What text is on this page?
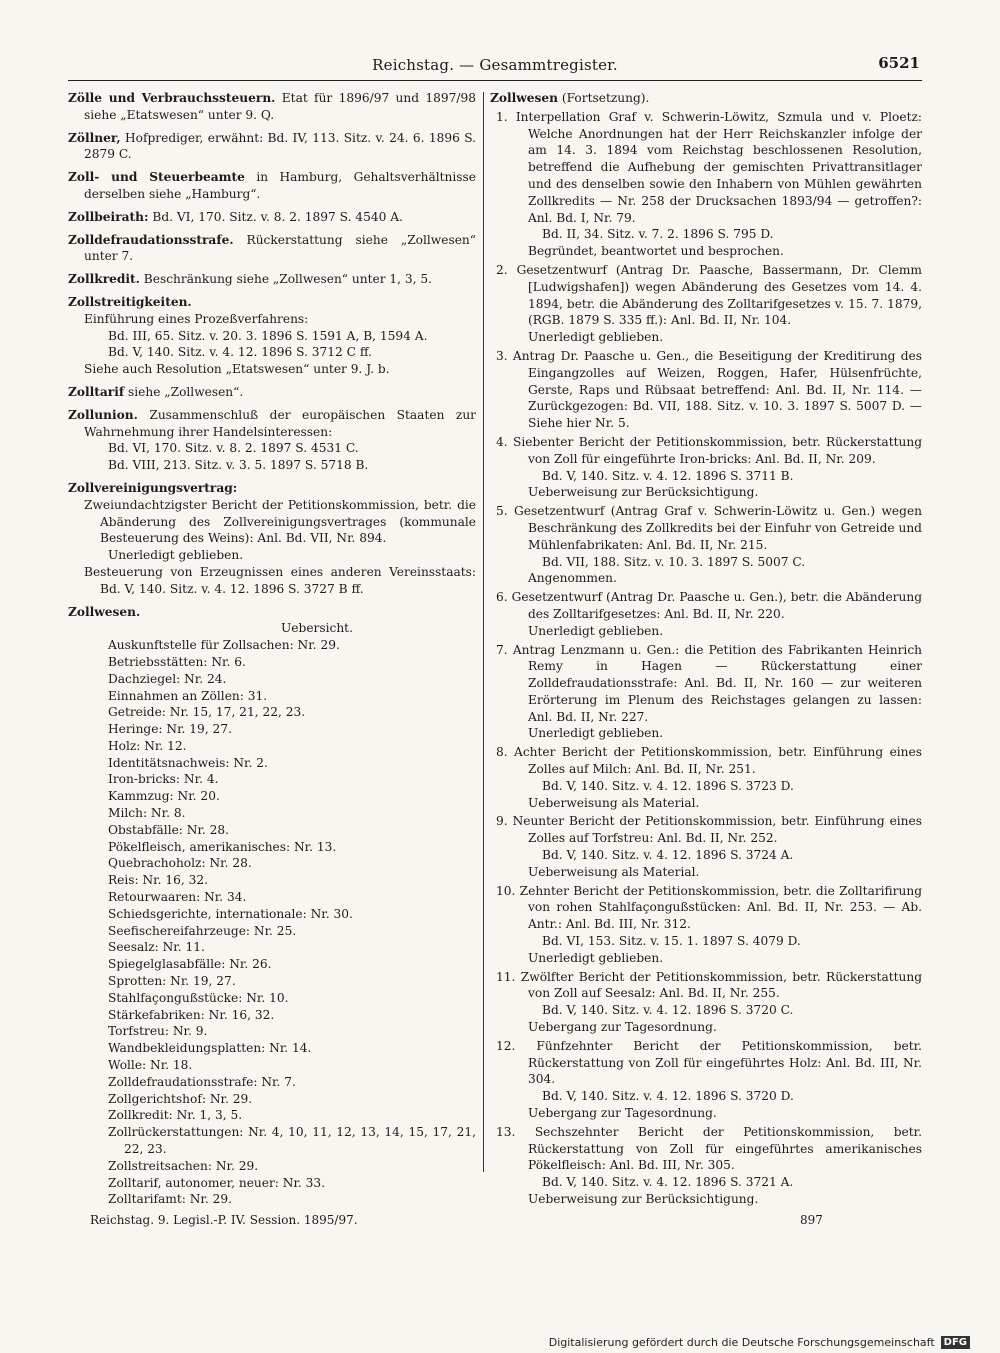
Reichstag. — Gesammtregister.	6521
Zölle und Verbrauchssteuern. Etat für 1896/97 und 1897/98 siehe „Etatswesen“ unter 9. Q.
Zöllner, Hofprediger, erwähnt: Bd. IV, 113. Sitz. v. 24. 6. 1896 S. 2879 C.
Zoll- und Steuerbeamte in Hamburg, Gehaltsverhältnisse derselben siehe „Hamburg“.
Zollbeirath: Bd. VI, 170. Sitz. v. 8. 2. 1897 S. 4540 A.
Zolldefraudationsstrafe. Rückerstattung siehe „Zollwesen“ unter 7.
Zollkredit. Beschränkung siehe „Zollwesen“ unter 1, 3, 5.
Zollstreitigkeiten.
Einführung eines Prozeßverfahrens:
Bd. III, 65. Sitz. v. 20. 3. 1896 S. 1591 A, B, 1594 A.
Bd. V, 140. Sitz. v. 4. 12. 1896 S. 3712 C ff.
Siehe auch Resolution „Etatswesen“ unter 9. J. b.
Zolltarif siehe „Zollwesen“.
Zollunion. Zusammenschluß der europäischen Staaten zur Wahrnehmung ihrer Handelsinteressen:
Bd. VI, 170. Sitz. v. 8. 2. 1897 S. 4531 C.
Bd. VIII, 213. Sitz. v. 3. 5. 1897 S. 5718 B.
Zollvereinigungsvertrag:
Zweiundachtzigster Bericht der Petitionskommission, betr. die Abänderung des Zollvereinigungsvertrages (kommunale Besteuerung des Weins): Anl. Bd. VII, Nr. 894.
Unerledigt geblieben.
Besteuerung von Erzeugnissen eines anderen Vereinsstaats: Bd. V, 140. Sitz. v. 4. 12. 1896 S. 3727 B ff.
Zollwesen.
Uebersicht.
Auskunftstelle für Zollsachen: Nr. 29.
Betriebsstätten: Nr. 6.
Dachziegel: Nr. 24.
Einnahmen an Zöllen: 31.
Getreide: Nr. 15, 17, 21, 22, 23.
Heringe: Nr. 19, 27.
Holz: Nr. 12.
Identitätsnachweis: Nr. 2.
Iron-bricks: Nr. 4.
Kammzug: Nr. 20.
Milch: Nr. 8.
Obstabfälle: Nr. 28.
Pökelfleisch, amerikanisches: Nr. 13.
Quebrachoholz: Nr. 28.
Reis: Nr. 16, 32.
Retourwaaren: Nr. 34.
Schiedsgerichte, internationale: Nr. 30.
Seefischereifahrzeuge: Nr. 25.
Seesalz: Nr. 11.
Spiegelglasabfälle: Nr. 26.
Sprotten: Nr. 19, 27.
Stahlfaçongußstücke: Nr. 10.
Stärkefabriken: Nr. 16, 32.
Torfstreu: Nr. 9.
Wandbekleidungsplatten: Nr. 14.
Wolle: Nr. 18.
Zolldefraudationsstrafe: Nr. 7.
Zollgerichtshof: Nr. 29.
Zollkredit: Nr. 1, 3, 5.
Zollrückerstattungen: Nr. 4, 10, 11, 12, 13, 14, 15, 17, 21, 22, 23.
Zollstreitsachen: Nr. 29.
Zolltarif, autonomer, neuer: Nr. 33.
Zolltarifamt: Nr. 29.
Zollwesen (Fortsetzung).
1. Interpellation Graf v. Schwerin-Löwitz, Szmula und v. Ploetz: Welche Anordnungen hat der Herr Reichskanzler infolge der am 14. 3. 1894 vom Reichstag beschlossenen Resolution, betreffend die Aufhebung der gemischten Privattransitlager und des denselben sowie den Inhabern von Mühlen gewährten Zollkredits — Nr. 258 der Drucksachen 1893/94 — getroffen?: Anl. Bd. I, Nr. 79.
Bd. II, 34. Sitz. v. 7. 2. 1896 S. 795 D.
Begründet, beantwortet und besprochen.
2. Gesetzentwurf (Antrag Dr. Paasche, Bassermann, Dr. Clemm [Ludwigshafen]) wegen Abänderung des Gesetzes vom 14. 4. 1894, betr. die Abänderung des Zolltarifgesetzes v. 15. 7. 1879, (RGB. 1879 S. 335 ff.): Anl. Bd. II, Nr. 104.
Unerledigt geblieben.
3. Antrag Dr. Paasche u. Gen., die Beseitigung der Kreditirung des Eingangzolles auf Weizen, Roggen, Hafer, Hülsenfrüchte, Gerste, Raps und Rübsaat betreffend: Anl. Bd. II, Nr. 114. — Zurückgezogen: Bd. VII, 188. Sitz. v. 10. 3. 1897 S. 5007 D. — Siehe hier Nr. 5.
4. Siebenter Bericht der Petitionskommission, betr. Rückerstattung von Zoll für eingeführte Iron-bricks: Anl. Bd. II, Nr. 209.
Bd. V, 140. Sitz. v. 4. 12. 1896 S. 3711 B.
Ueberweisung zur Berücksichtigung.
5. Gesetzentwurf (Antrag Graf v. Schwerin-Löwitz u. Gen.) wegen Beschränkung des Zollkredits bei der Einfuhr von Getreide und Mühlenfabrikaten: Anl. Bd. II, Nr. 215.
Bd. VII, 188. Sitz. v. 10. 3. 1897 S. 5007 C.
Angenommen.
6. Gesetzentwurf (Antrag Dr. Paasche u. Gen.), betr. die Abänderung des Zolltarifgesetzes: Anl. Bd. II, Nr. 220.
Unerledigt geblieben.
7. Antrag Lenzmann u. Gen.: die Petition des Fabrikanten Heinrich Remy in Hagen — Rückerstattung einer Zolldefraudationsstrafe: Anl. Bd. II, Nr. 160 — zur weiteren Erörterung im Plenum des Reichstages gelangen zu lassen: Anl. Bd. II, Nr. 227.
Unerledigt geblieben.
8. Achter Bericht der Petitionskommission, betr. Einführung eines Zolles auf Milch: Anl. Bd. II, Nr. 251.
Bd. V, 140. Sitz. v. 4. 12. 1896 S. 3723 D.
Ueberweisung als Material.
9. Neunter Bericht der Petitionskommission, betr. Einführung eines Zolles auf Torfstreu: Anl. Bd. II, Nr. 252.
Bd. V, 140. Sitz. v. 4. 12. 1896 S. 3724 A.
Ueberweisung als Material.
10. Zehnter Bericht der Petitionskommission, betr. die Zolltarifirung von rohen Stahlfaçongußstücken: Anl. Bd. II, Nr. 253. — Ab. Antr.: Anl. Bd. III, Nr. 312.
Bd. VI, 153. Sitz. v. 15. 1. 1897 S. 4079 D.
Unerledigt geblieben.
11. Zwölfter Bericht der Petitionskommission, betr. Rückerstattung von Zoll auf Seesalz: Anl. Bd. II, Nr. 255.
Bd. V, 140. Sitz. v. 4. 12. 1896 S. 3720 C.
Uebergang zur Tagesordnung.
12. Fünfzehnter Bericht der Petitionskommission, betr. Rückerstattung von Zoll für eingeführtes Holz: Anl. Bd. III, Nr. 304.
Bd. V, 140. Sitz. v. 4. 12. 1896 S. 3720 D.
Uebergang zur Tagesordnung.
13. Sechszehnter Bericht der Petitionskommission, betr. Rückerstattung von Zoll für eingeführtes amerikanisches Pökelfleisch: Anl. Bd. III, Nr. 305.
Bd. V, 140. Sitz. v. 4. 12. 1896 S. 3721 A.
Ueberweisung zur Berücksichtigung.
Reichstag. 9. Legisl.-P. IV. Session. 1895/97.	897
Digitalisierung gefördert durch die Deutsche Forschungsgemeinschaft DFG
